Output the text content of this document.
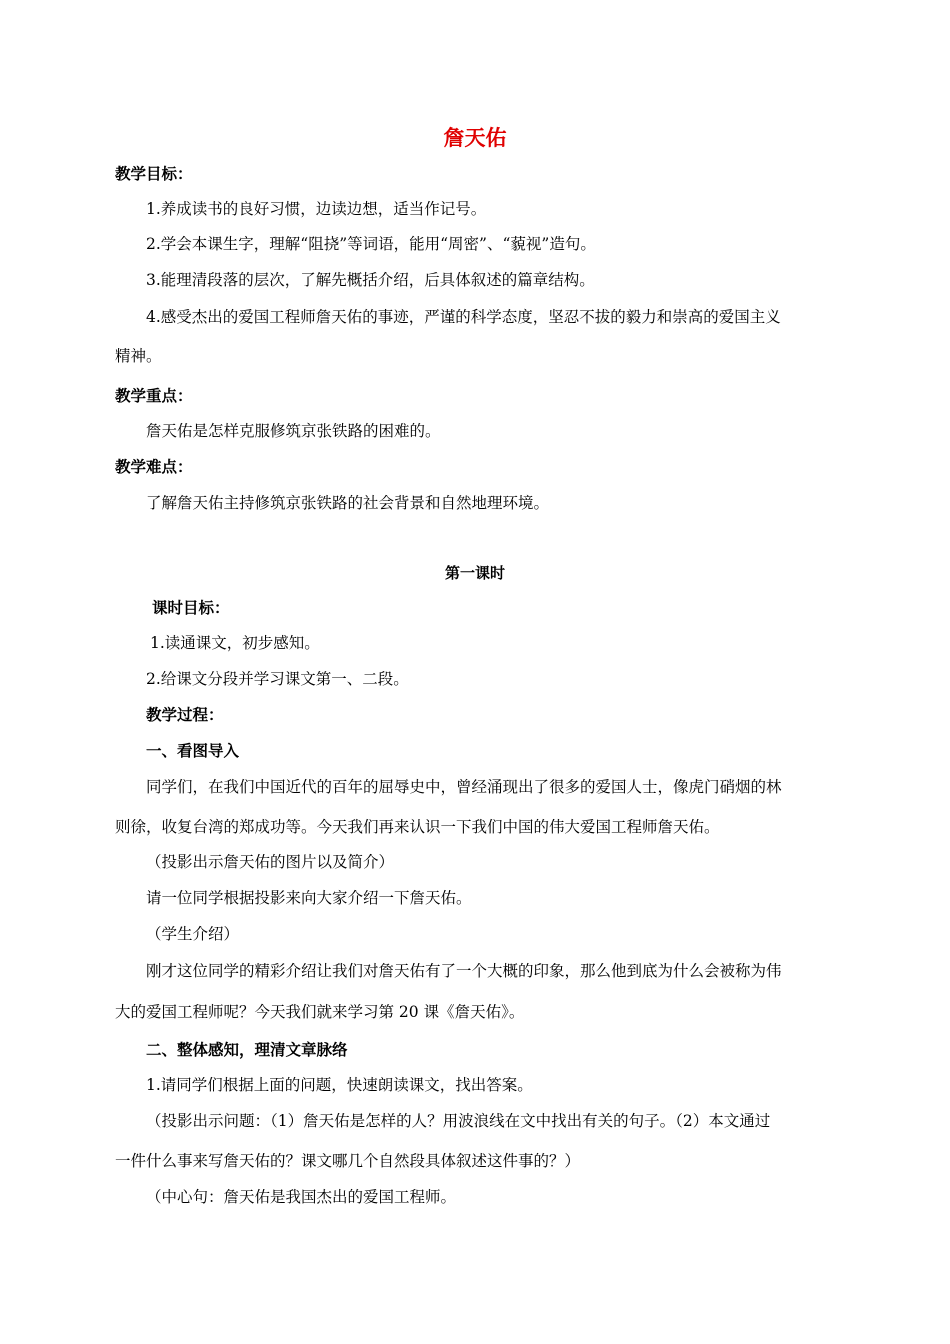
詹天佑
教学目标：
1.养成读书的良好习惯，边读边想，适当作记号。
2.学会本课生字，理解“阻挠”等词语，能用“周密”、“藐视”造句。
3.能理清段落的层次，了解先概括介绍，后具体叙述的篇章结构。
4.感受杰出的爱国工程师詹天佑的事迹，严谨的科学态度，坚忍不拔的毅力和崇高的爱国主义
精神。
教学重点：
詹天佑是怎样克服修筑京张铁路的困难的。
教学难点：
了解詹天佑主持修筑京张铁路的社会背景和自然地理环境。
第一课时
课时目标：
1.读通课文，初步感知。
2.给课文分段并学习课文第一、二段。
教学过程：
一、看图导入
同学们，在我们中国近代的百年的屈辱史中，曾经涌现出了很多的爱国人士，像虎门硝烟的林
则徐，收复台湾的郑成功等。今天我们再来认识一下我们中国的伟大爱国工程师詹天佑。
（投影出示詹天佑的图片以及简介）
请一位同学根据投影来向大家介绍一下詹天佑。
（学生介绍）
刚才这位同学的精彩介绍让我们对詹天佑有了一个大概的印象，那么他到底为什么会被称为伟
大的爱国工程师呢？今天我们就来学习第 20 课《詹天佑》。
二、整体感知，理清文章脉络
1.请同学们根据上面的问题，快速朗读课文，找出答案。
（投影出示问题：（1）詹天佑是怎样的人？用波浪线在文中找出有关的句子。（2）本文通过
一件什么事来写詹天佑的？课文哪几个自然段具体叙述这件事的？）
（中心句：詹天佑是我国杰出的爱国工程师。
